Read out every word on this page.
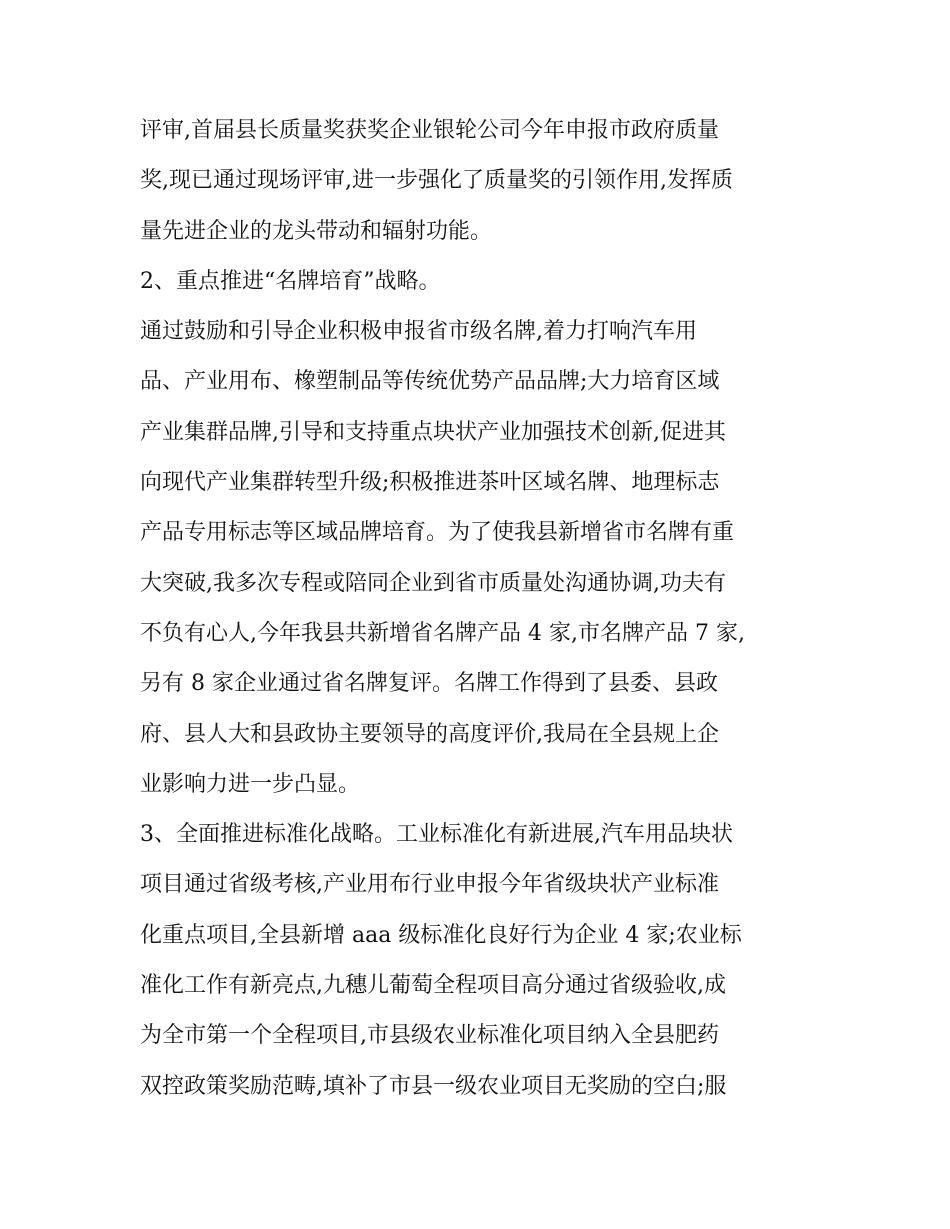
评审,首届县长质量奖获奖企业银轮公司今年申报市政府质量
奖,现已通过现场评审,进一步强化了质量奖的引领作用,发挥质
量先进企业的龙头带动和辐射功能。
2、重点推进“名牌培育”战略。
通过鼓励和引导企业积极申报省市级名牌,着力打响汽车用
品、产业用布、橡塑制品等传统优势产品品牌;大力培育区域
产业集群品牌,引导和支持重点块状产业加强技术创新,促进其
向现代产业集群转型升级;积极推进茶叶区域名牌、地理标志
产品专用标志等区域品牌培育。为了使我县新增省市名牌有重
大突破,我多次专程或陪同企业到省市质量处沟通协调,功夫有
不负有心人,今年我县共新增省名牌产品 4 家,市名牌产品 7 家,
另有 8 家企业通过省名牌复评。名牌工作得到了县委、县政
府、县人大和县政协主要领导的高度评价,我局在全县规上企
业影响力进一步凸显。
3、全面推进标准化战略。工业标准化有新进展,汽车用品块状
项目通过省级考核,产业用布行业申报今年省级块状产业标准
化重点项目,全县新增 aaa 级标准化良好行为企业 4 家;农业标
准化工作有新亮点,九穗儿葡萄全程项目高分通过省级验收,成
为全市第一个全程项目,市县级农业标准化项目纳入全县肥药
双控政策奖励范畴,填补了市县一级农业项目无奖励的空白;服
